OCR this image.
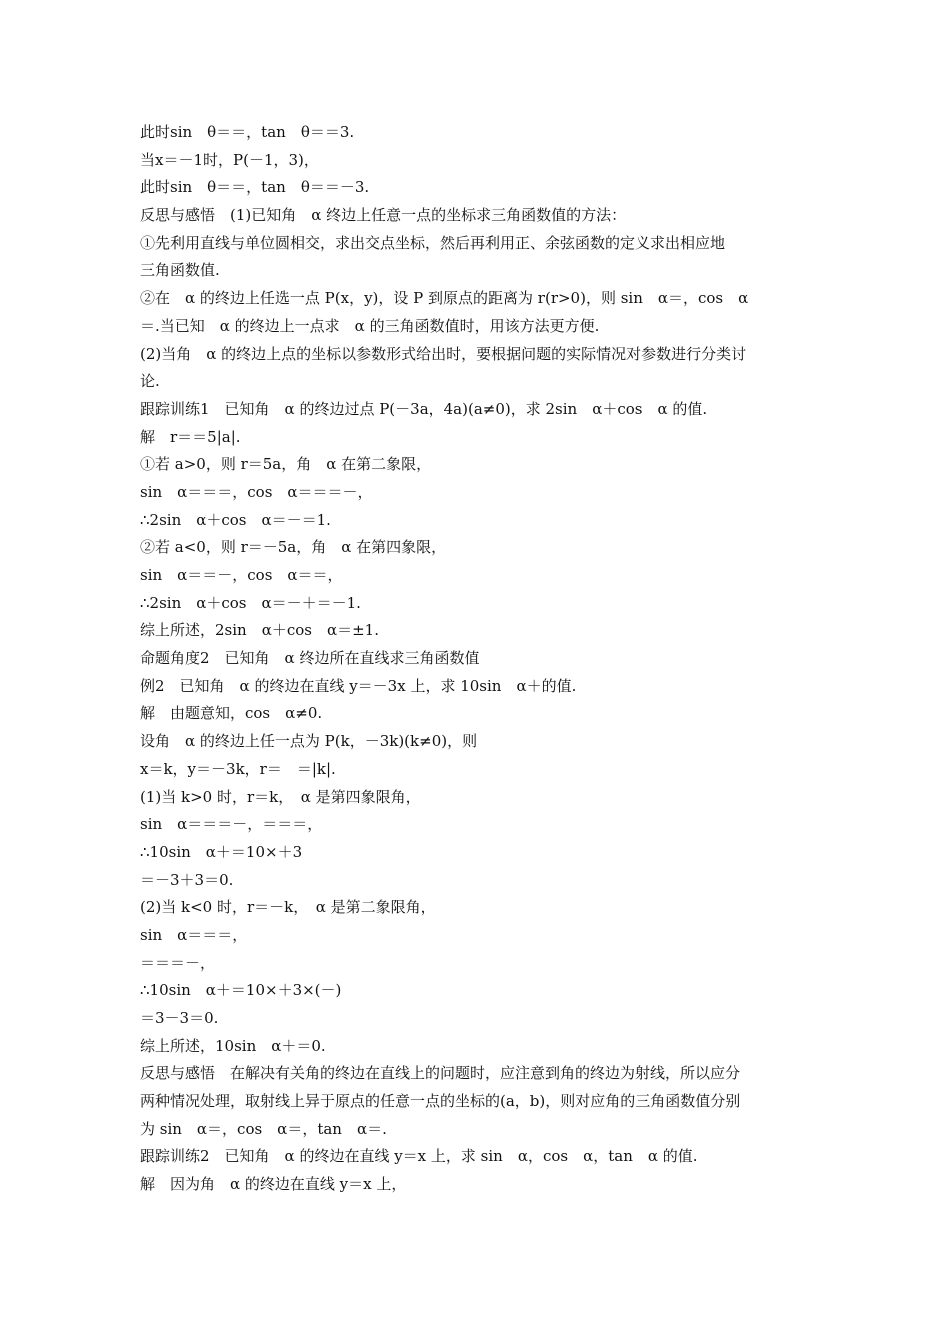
此时sin　θ＝＝，tan　θ＝＝3.
当x＝－1时，P(－1，3)，
此时sin　θ＝＝，tan　θ＝＝－3.
反思与感悟　(1)已知角　α 终边上任意一点的坐标求三角函数值的方法：
①先利用直线与单位圆相交，求出交点坐标，然后再利用正、余弦函数的定义求出相应地
三角函数值.
②在　α 的终边上任选一点 P(x，y)，设 P 到原点的距离为 r(r>0)，则 sin　α＝，cos　α
＝.当已知　α 的终边上一点求　α 的三角函数值时，用该方法更方便.
(2)当角　α 的终边上点的坐标以参数形式给出时，要根据问题的实际情况对参数进行分类讨
论.
跟踪训练1　已知角　α 的终边过点 P(－3a，4a)(a≠0)，求 2sin　α＋cos　α 的值.
解　r＝＝5|a|.
①若 a>0，则 r＝5a，角　α 在第二象限，
sin　α＝＝＝，cos　α＝＝＝－，
∴2sin　α＋cos　α＝－＝1.
②若 a<0，则 r＝－5a，角　α 在第四象限，
sin　α＝＝－，cos　α＝＝，
∴2sin　α＋cos　α＝－＋＝－1.
综上所述，2sin　α＋cos　α＝±1.
命题角度2　已知角　α 终边所在直线求三角函数值
例2　已知角　α 的终边在直线 y＝－3x 上，求 10sin　α＋的值.
解　由题意知，cos　α≠0.
设角　α 的终边上任一点为 P(k，－3k)(k≠0)，则
x＝k，y＝－3k，r＝　＝|k|.
(1)当 k>0 时，r＝k，　α 是第四象限角，
sin　α＝＝＝－，＝＝＝，
∴10sin　α＋＝10×＋3
＝－3＋3＝0.
(2)当 k<0 时，r＝－k，　α 是第二象限角，
sin　α＝＝＝，
＝＝＝－，
∴10sin　α＋＝10×＋3×(－)
＝3－3＝0.
综上所述，10sin　α＋＝0.
反思与感悟　在解决有关角的终边在直线上的问题时，应注意到角的终边为射线，所以应分
两种情况处理，取射线上异于原点的任意一点的坐标的(a，b)，则对应角的三角函数值分别
为 sin　α＝，cos　α＝，tan　α＝.
跟踪训练2　已知角　α 的终边在直线 y＝x 上，求 sin　α，cos　α，tan　α 的值.
解　因为角　α 的终边在直线 y＝x 上，
